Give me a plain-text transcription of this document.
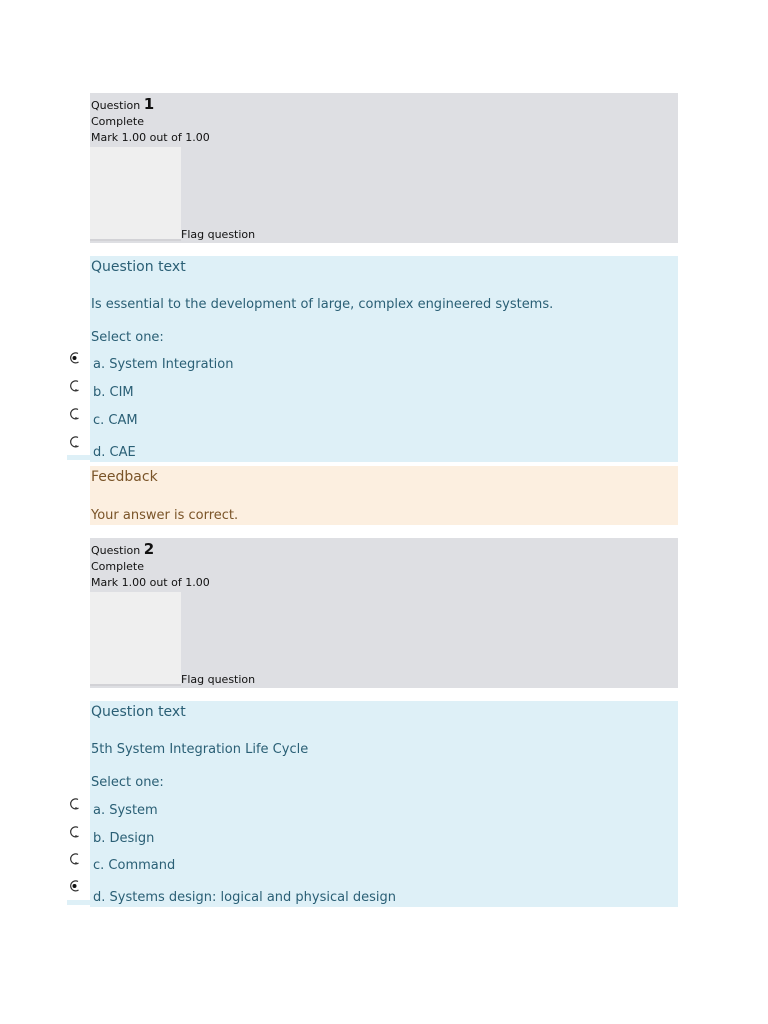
Question 1
Complete
Mark 1.00 out of 1.00
Flag question
Question text
Is essential to the development of large, complex engineered systems.
Select one:
a. System Integration
b. CIM
c. CAM
d. CAE
Feedback
Your answer is correct.
Question 2
Complete
Mark 1.00 out of 1.00
Flag question
Question text
5th System Integration Life Cycle
Select one:
a. System
b. Design
c. Command
d. Systems design: logical and physical design
